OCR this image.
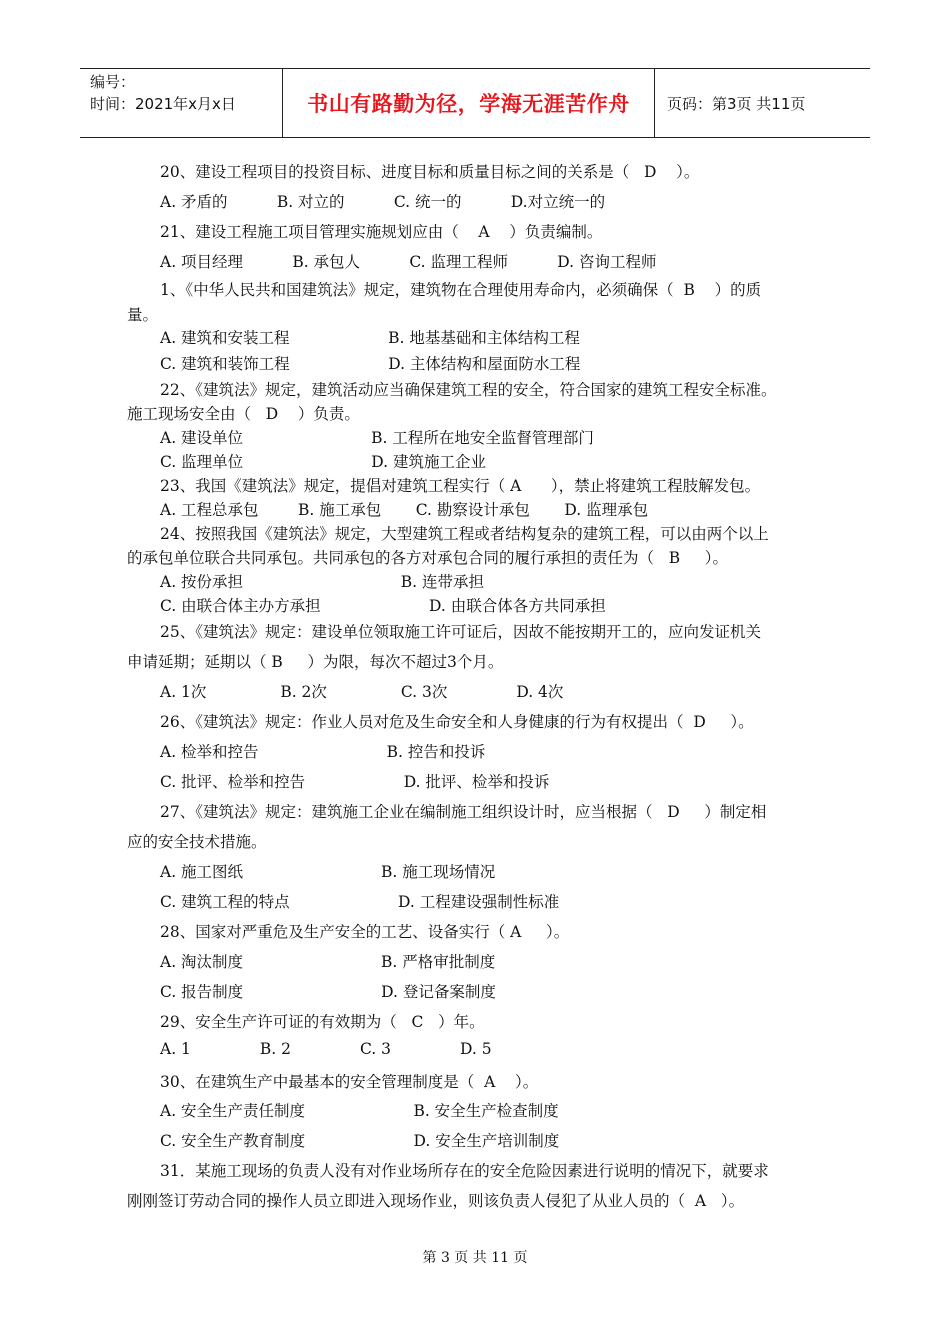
编号：
时间：2021年x月x日	书山有路勤为径，学海无涯苦作舟	页码：第3页 共11页
20、建设工程项目的投资目标、进度目标和质量目标之间的关系是（   D    ）。
A. 矛盾的          B. 对立的          C. 统一的          D.对立统一的
21、建设工程施工项目管理实施规划应由（    A    ）负责编制。
A. 项目经理          B. 承包人          C. 监理工程师          D. 咨询工程师
1、《中华人民共和国建筑法》规定，建筑物在合理使用寿命内，必须确保（  B    ）的质
量。
A. 建筑和安装工程                    B. 地基基础和主体结构工程
C. 建筑和装饰工程                    D. 主体结构和屋面防水工程
22、《建筑法》规定，建筑活动应当确保建筑工程的安全，符合国家的建筑工程安全标准。
施工现场安全由（   D    ）负责。
A. 建设单位                          B. 工程所在地安全监督管理部门
C. 监理单位                          D. 建筑施工企业
23、我国《建筑法》规定，提倡对建筑工程实行（ A      ），禁止将建筑工程肢解发包。
A. 工程总承包        B. 施工承包       C. 勘察设计承包       D. 监理承包
24、按照我国《建筑法》规定，大型建筑工程或者结构复杂的建筑工程，可以由两个以上
的承包单位联合共同承包。共同承包的各方对承包合同的履行承担的责任为（   B     ）。
A. 按份承担                                B. 连带承担
C. 由联合体主办方承担                      D. 由联合体各方共同承担
25、《建筑法》规定：建设单位领取施工许可证后，因故不能按期开工的，应向发证机关
申请延期；延期以（ B     ）为限，每次不超过3个月。
A. 1次               B. 2次               C. 3次              D. 4次
26、《建筑法》规定：作业人员对危及生命安全和人身健康的行为有权提出（  D     ）。
A. 检举和控告                          B. 控告和投诉
C. 批评、检举和控告                    D. 批评、检举和投诉
27、《建筑法》规定：建筑施工企业在编制施工组织设计时，应当根据（   D     ）制定相
应的安全技术措施。
A. 施工图纸                            B. 施工现场情况
C. 建筑工程的特点                      D. 工程建设强制性标准
28、国家对严重危及生产安全的工艺、设备实行（ A     ）。
A. 淘汰制度                            B. 严格审批制度
C. 报告制度                            D. 登记备案制度
29、安全生产许可证的有效期为（   C   ）年。
A. 1              B. 2              C. 3              D. 5
30、在建筑生产中最基本的安全管理制度是（  A    ）。
A. 安全生产责任制度                      B. 安全生产检查制度
C. 安全生产教育制度                      D. 安全生产培训制度
31．某施工现场的负责人没有对作业场所存在的安全危险因素进行说明的情况下，就要求
刚刚签订劳动合同的操作人员立即进入现场作业，则该负责人侵犯了从业人员的（  A   ）。
第 3 页 共 11 页
